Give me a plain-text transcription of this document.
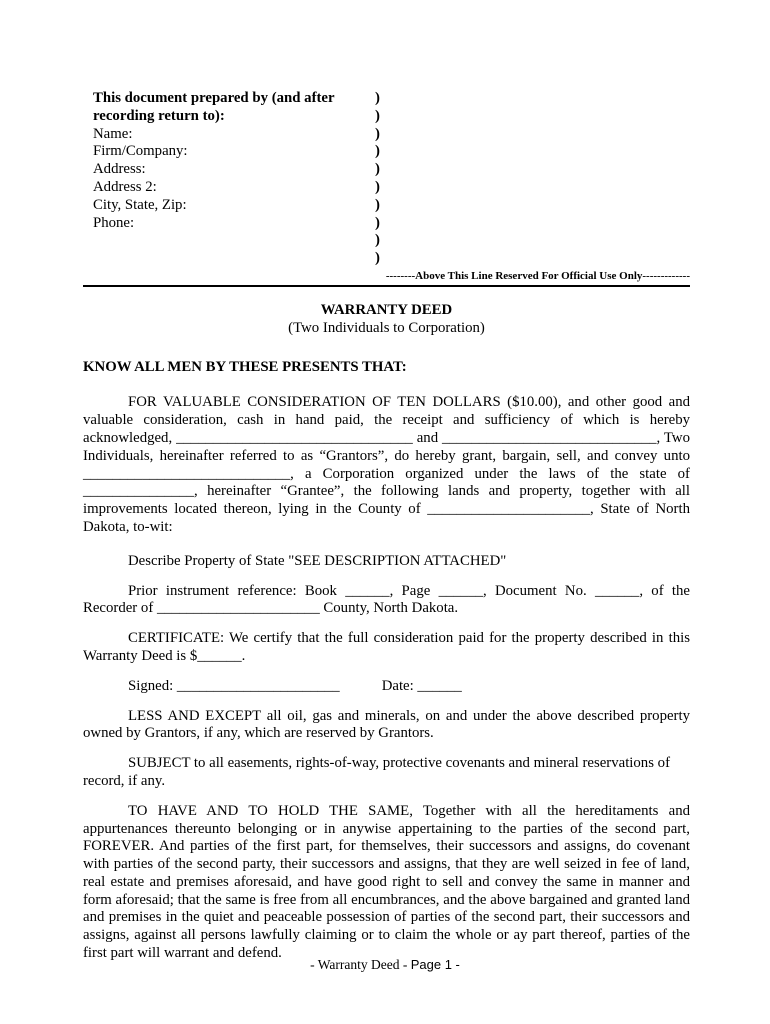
This document prepared by (and after recording return to):
Name:
Firm/Company:
Address:
Address 2:
City, State, Zip:
Phone:
)
)
)
)
)
)
)
)
)
)
--------Above This Line Reserved For Official Use Only-------------
WARRANTY DEED
(Two Individuals to Corporation)
KNOW ALL MEN BY THESE PRESENTS THAT:

FOR VALUABLE CONSIDERATION OF TEN DOLLARS ($10.00), and other good and valuable consideration, cash in hand paid, the receipt and sufficiency of which is hereby acknowledged, ________________________________ and _____________________________, Two Individuals, hereinafter referred to as “Grantors”, do hereby grant, bargain, sell, and convey unto ____________________________, a Corporation organized under the laws of the state of _______________, hereinafter “Grantee”, the following lands and property, together with all improvements located thereon, lying in the County of ______________________, State of North Dakota, to-wit:

Describe Property of State "SEE DESCRIPTION ATTACHED"

Prior instrument reference: Book ______, Page ______, Document No. ______, of the Recorder of ______________________ County, North Dakota.

CERTIFICATE: We certify that the full consideration paid for the property described in this Warranty Deed is $______.

Signed: ______________________	Date: ______

LESS AND EXCEPT all oil, gas and minerals, on and under the above described property owned by Grantors, if any, which are reserved by Grantors.

SUBJECT to all easements, rights-of-way, protective covenants and mineral reservations of record, if any.

TO HAVE AND TO HOLD THE SAME, Together with all the hereditaments and appurtenances thereunto belonging or in anywise appertaining to the parties of the second part, FOREVER. And parties of the first part, for themselves, their successors and assigns, do covenant with parties of the second party, their successors and assigns, that they are well seized in fee of land, real estate and premises aforesaid, and have good right to sell and convey the same in manner and form aforesaid; that the same is free from all encumbrances, and the above bargained and granted land and premises in the quiet and peaceable possession of parties of the second part, their successors and assigns, against all persons lawfully claiming or to claim the whole or ay part thereof, parties of the first part will warrant and defend.

- Warranty Deed - Page 1 -
